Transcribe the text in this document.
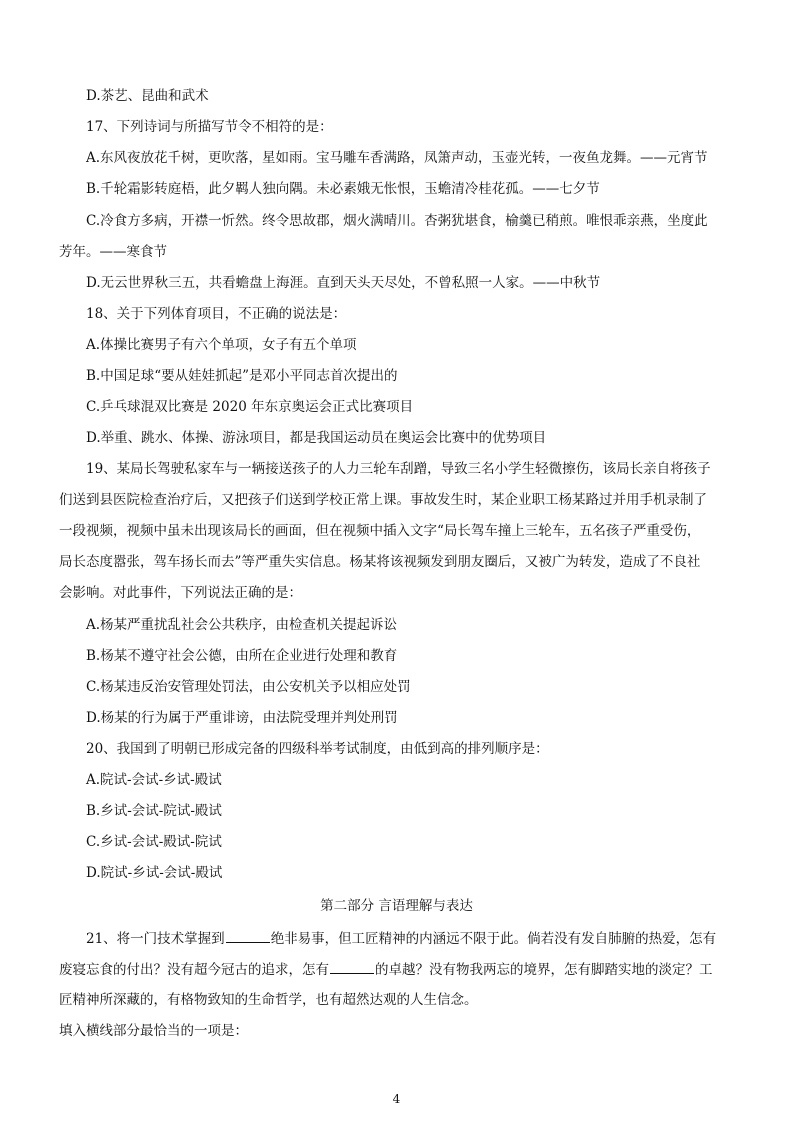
D.茶艺、昆曲和武术
17、下列诗词与所描写节令不相符的是：
A.东风夜放花千树，更吹落，星如雨。宝马雕车香满路，凤箫声动，玉壶光转，一夜鱼龙舞。——元宵节
B.千轮霜影转庭梧，此夕羁人独向隅。未必素娥无怅恨，玉蟾清冷桂花孤。——七夕节
C.冷食方多病，开襟一忻然。终令思故郡，烟火满晴川。杏粥犹堪食，榆羹已稍煎。唯恨乖亲燕，坐度此
芳年。——寒食节
D.无云世界秋三五，共看蟾盘上海涯。直到天头天尽处，不曾私照一人家。——中秋节
18、关于下列体育项目，不正确的说法是：
A.体操比赛男子有六个单项，女子有五个单项
B.中国足球“要从娃娃抓起”是邓小平同志首次提出的
C.乒乓球混双比赛是 2020 年东京奥运会正式比赛项目
D.举重、跳水、体操、游泳项目，都是我国运动员在奥运会比赛中的优势项目
19、某局长驾驶私家车与一辆接送孩子的人力三轮车刮蹭，导致三名小学生轻微擦伤，该局长亲自将孩子
们送到县医院检查治疗后，又把孩子们送到学校正常上课。事故发生时，某企业职工杨某路过并用手机录制了
一段视频，视频中虽未出现该局长的画面，但在视频中插入文字“局长驾车撞上三轮车，五名孩子严重受伤，
局长态度嚣张，驾车扬长而去”等严重失实信息。杨某将该视频发到朋友圈后，又被广为转发，造成了不良社
会影响。对此事件，下列说法正确的是：
A.杨某严重扰乱社会公共秩序，由检查机关提起诉讼
B.杨某不遵守社会公德，由所在企业进行处理和教育
C.杨某违反治安管理处罚法，由公安机关予以相应处罚
D.杨某的行为属于严重诽谤，由法院受理并判处刑罚
20、我国到了明朝已形成完备的四级科举考试制度，由低到高的排列顺序是：
A.院试-会试-乡试-殿试
B.乡试-会试-院试-殿试
C.乡试-会试-殿试-院试
D.院试-乡试-会试-殿试
第二部分 言语理解与表达
21、将一门技术掌握到	绝非易事，但工匠精神的内涵远不限于此。倘若没有发自肺腑的热爱，怎有
废寝忘食的付出？没有超今冠古的追求，怎有	的卓越？没有物我两忘的境界，怎有脚踏实地的淡定？工
匠精神所深藏的，有格物致知的生命哲学，也有超然达观的人生信念。
填入横线部分最恰当的一项是：
4
